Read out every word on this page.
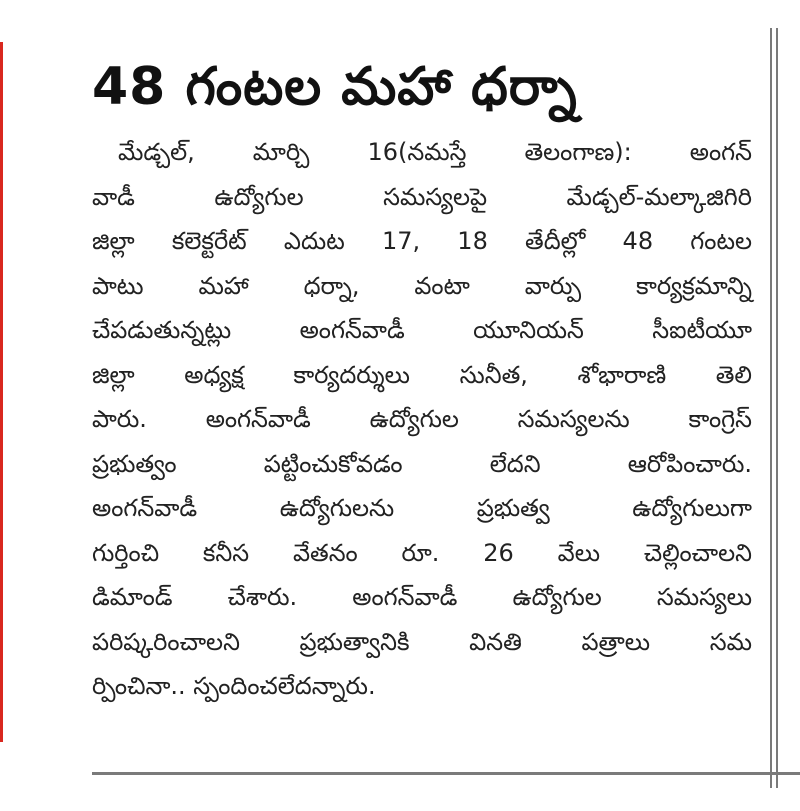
48 గంటల మహా ధర్నా
మేడ్చల్, మార్చి 16(నమస్తే తెలంగాణ): అంగన్
వాడీ ఉద్యోగుల సమస్యలపై మేడ్చల్-మల్కాజిగిరి
జిల్లా కలెక్టరేట్ ఎదుట 17, 18 తేదీల్లో 48 గంటల
పాటు మహా ధర్నా, వంటా వార్పు కార్యక్రమాన్ని
చేపడుతున్నట్లు అంగన్‌వాడీ యూనియన్ సీఐటీయూ
జిల్లా అధ్యక్ష కార్యదర్శులు సునీత, శోభారాణి తెలి
పారు. అంగన్‌వాడీ ఉద్యోగుల సమస్యలను కాంగ్రెస్
ప్రభుత్వం పట్టించుకోవడం లేదని ఆరోపించారు.
అంగన్‌వాడీ ఉద్యోగులను ప్రభుత్వ ఉద్యోగులుగా
గుర్తించి కనీస వేతనం రూ. 26 వేలు చెల్లించాలని
డిమాండ్ చేశారు. అంగన్‌వాడీ ఉద్యోగుల సమస్యలు
పరిష్కరించాలని ప్రభుత్వానికి వినతి పత్రాలు సమ
ర్పించినా.. స్పందించలేదన్నారు.
